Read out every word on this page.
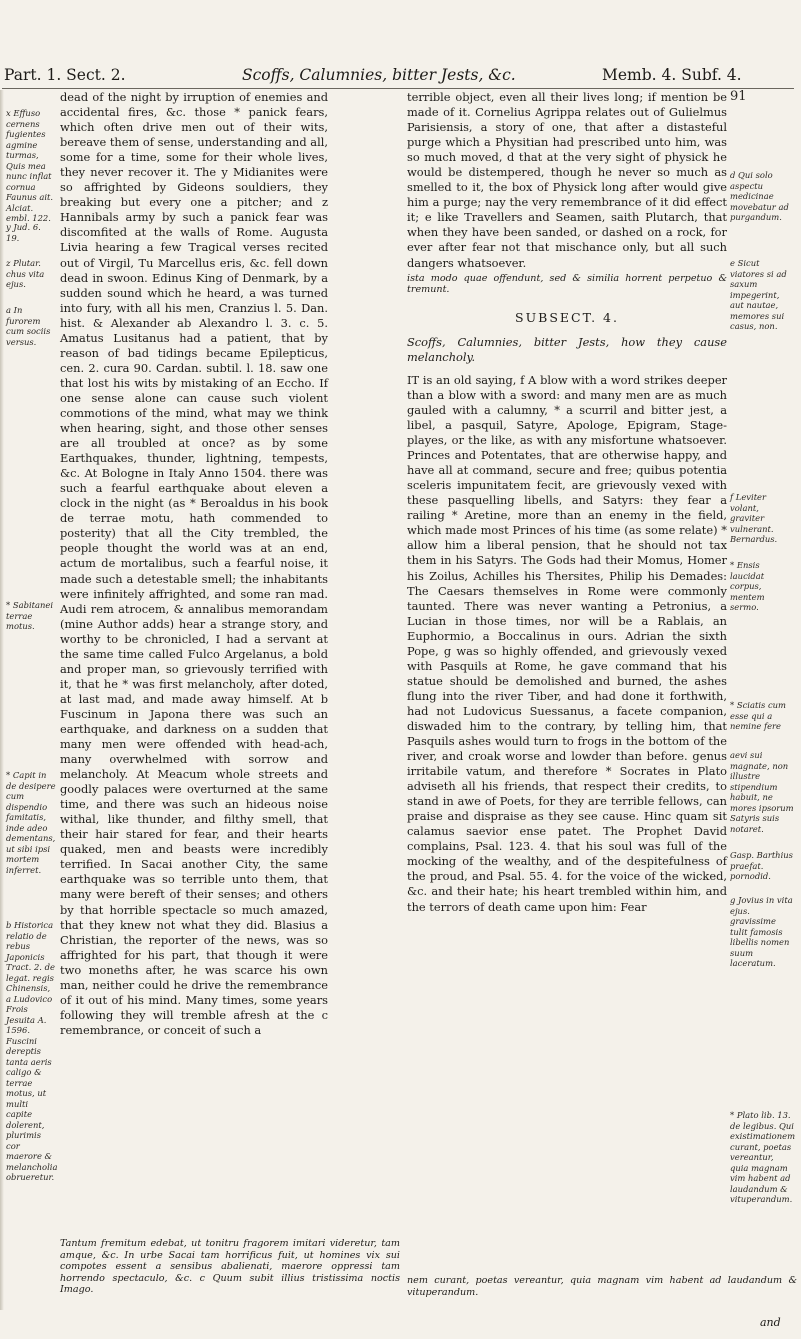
Part. 1. Sect. 2.	Scoffs, Calumnies, bitter Jests, &c.	Memb. 4. Subf. 4.
x Effuso cernens fugientes agmine turmas, Quis mea nunc inflat cornua Faunus ait. Alciat. embl. 122.
y Jud. 6. 19.
z Plutar. chus vita ejus.
a In furorem cum sociis versus.
* Sabitanei terrae motus.
* Capit in de desipere cum dispendio famitatis, inde adeo dementans, ut sibi ipsi mortem inferret.
b Historica relatio de rebus Japonicis Tract. 2. de legat. regis Chinensis, a Ludovico Frois Jesuita A. 1596. Fuscini dereptis tanta aeris caligo & terrae motus, ut multi capite dolerent, plurimis cor maerore & melancholia obrueretur.

dead of the night by irruption of enemies and accidental fires, &c. those * panick fears, which often drive men out of their wits, bereave them of sense, understanding and all, some for a time, some for their whole lives, they never recover it. The y Midianites were so affrighted by Gideons souldiers, they breaking but every one a pitcher; and z Hannibals army by such a panick fear was discomfited at the walls of Rome. Augusta Livia hearing a few Tragical verses recited out of Virgil, Tu Marcellus eris, &c. fell down dead in swoon. Edinus King of Denmark, by a sudden sound which he heard, a was turned into fury, with all his men, Cranzius l. 5. Dan. hist. & Alexander ab Alexandro l. 3. c. 5. Amatus Lusitanus had a patient, that by reason of bad tidings became Epilepticus, cen. 2. cura 90. Cardan. subtil. l. 18. saw one that lost his wits by mistaking of an Eccho. If one sense alone can cause such violent commotions of the mind, what may we think when hearing, sight, and those other senses are all troubled at once? as by some Earthquakes, thunder, lightning, tempests, &c. At Bologne in Italy Anno 1504. there was such a fearful earthquake about eleven a clock in the night (as * Beroaldus in his book de terrae motu, hath commended to posterity) that all the City trembled, the people thought the world was at an end, actum de mortalibus, such a fearful noise, it made such a detestable smell; the inhabitants were infinitely affrighted, and some ran mad. Audi rem atrocem, & annalibus memorandam (mine Author adds) hear a strange story, and worthy to be chronicled, I had a servant at the same time called Fulco Argelanus, a bold and proper man, so grievously terrified with it, that he * was first melancholy, after doted, at last mad, and made away himself. At b Fuscinum in Japona there was such an earthquake, and darkness on a sudden that many men were offended with head-ach, many overwhelmed with sorrow and melancholy. At Meacum whole streets and goodly palaces were overturned at the same time, and there was such an hideous noise withal, like thunder, and filthy smell, that their hair stared for fear, and their hearts quaked, men and beasts were incredibly terrified. In Sacai another City, the same earthquake was so terrible unto them, that many were bereft of their senses; and others by that horrible spectacle so much amazed, that they knew not what they did. Blasius a Christian, the reporter of the news, was so affrighted for his part, that though it were two moneths after, he was scarce his own man, neither could he drive the remembrance of it out of his mind. Many times, some years following they will tremble afresh at the c remembrance, or conceit of such a

terrible object, even all their lives long; if mention be made of it. Cornelius Agrippa relates out of Gulielmus Parisiensis, a story of one, that after a distasteful purge which a Physitian had prescribed unto him, was so much moved, d that at the very sight of physick he would be distempered, though he never so much as smelled to it, the box of Physick long after would give him a purge; nay the very remembrance of it did effect it; e like Travellers and Seamen, saith Plutarch, that when they have been sanded, or dashed on a rock, for ever after fear not that mischance only, but all such dangers whatsoever.

ista modo quae offendunt, sed & similia horrent perpetuo & tremunt.
SUBSECT. 4.

Scoffs, Calumnies, bitter Jests, how they cause melancholy.

IT is an old saying, f A blow with a word strikes deeper than a blow with a sword: and many men are as much gauled with a calumny, * a scurril and bitter jest, a libel, a pasquil, Satyre, Apologe, Epigram, Stage-playes, or the like, as with any misfortune whatsoever. Princes and Potentates, that are otherwise happy, and have all at command, secure and free; quibus potentia sceleris impunitatem fecit, are grievously vexed with these pasquelling libells, and Satyrs: they fear a railing * Aretine, more than an enemy in the field, which made most Princes of his time (as some relate) * allow him a liberal pension, that he should not tax them in his Satyrs. The Gods had their Momus, Homer his Zoilus, Achilles his Thersites, Philip his Demades: The Caesars themselves in Rome were commonly taunted. There was never wanting a Petronius, a Lucian in those times, nor will be a Rablais, an Euphormio, a Boccalinus in ours. Adrian the sixth Pope, g was so highly offended, and grievously vexed with Pasquils at Rome, he gave command that his statue should be demolished and burned, the ashes flung into the river Tiber, and had done it forthwith, had not Ludovicus Suessanus, a facete companion, diswaded him to the contrary, by telling him, that Pasquils ashes would turn to frogs in the bottom of the river, and croak worse and lowder than before. genus irritabile vatum, and therefore * Socrates in Plato adviseth all his friends, that respect their credits, to stand in awe of Poets, for they are terrible fellows, can praise and dispraise as they see cause. Hinc quam sit calamus saevior ense patet. The Prophet David complains, Psal. 123. 4. that his soul was full of the mocking of the wealthy, and of the despitefulness of the proud, and Psal. 55. 4. for the voice of the wicked, &c. and their hate; his heart trembled within him, and the terrors of death came upon him: Fear

91
d Qui solo aspectu medicinae movebatur ad purgandum.
e Sicut viatores si ad saxum impegerint, aut nautae, memores sui casus, non.
f Leviter volant, graviter vulnerant. Bernardus.
* Ensis laucidat corpus, mentem sermo.
* Sciatis cum esse qui a nemine fere
aevi sui magnate, non illustre stipendium habuit, ne mores ipsorum Satyris suis notaret.
Gasp. Barthius praefat. pornodid.
g Jovius in vita ejus. gravissime tulit famosis libellis nomen suum laceratum.
* Plato lib. 13. de legibus. Qui existimationem curant, poetas vereantur, quia magnam vim habent ad laudandum & vituperandum.
Tantum fremitum edebat, ut tonitru fragorem imitari videretur, tam amque, &c. In urbe Sacai tam horrificus fuit, ut homines vix sui compotes essent a sensibus abalienati, maerore oppressi tam horrendo spectaculo, &c. c Quum subit illius tristissima noctis Imago.
nem curant, poetas vereantur, quia magnam vim habent ad laudandum & vituperandum.
and
